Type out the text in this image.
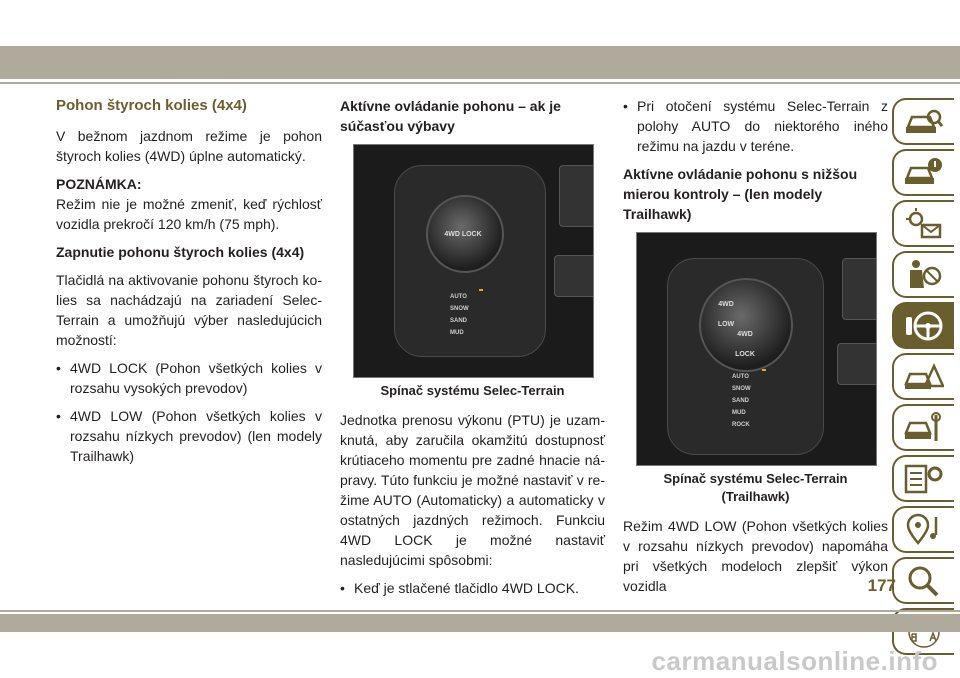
Pohon štyroch kolies (4x4)

V bežnom jazdnom režime je pohon štyroch kolies (4WD) úplne automatický.

POZNÁMKA:

Režim nie je možné zmeniť, keď rýchlosť vozidla prekročí 120 km/h (75 mph).

Zapnutie pohonu štyroch kolies (4x4)

Tlačidlá na aktivovanie pohonu štyroch kolies sa nachádzajú na zariadení Selec-Terrain a umožňujú výber nasledujúcich možností:

• 4WD LOCK (Pohon všetkých kolies v rozsahu vysokých prevodov)
• 4WD LOW (Pohon všetkých kolies v rozsahu nízkych prevodov) (len modely Trailhawk)
Aktívne ovládanie pohonu – ak je súčasťou výbavy
4WD LOCK
AUTO
SNOW
SAND
MUD
Spínač systému Selec-Terrain

Jednotka prenosu výkonu (PTU) je uzamknutá, aby zaručila okamžitú dostupnosť krútiaceho momentu pre zadné hnacie nápravy. Túto funkciu je možné nastaviť v režime AUTO (Automaticky) a automaticky v ostatných jazdných režimoch. Funkciu 4WD LOCK je možné nastaviť nasledujúcimi spôsobmi:

• Keď je stlačené tlačidlo 4WD LOCK.
• Pri otočení systému Selec-Terrain z polohy AUTO do niektorého iného režimu na jazdu v teréne.
Aktívne ovládanie pohonu s nižšou mierou kontroly – (len modely Trailhawk)
4WD LOW
4WD LOCK
AUTO
SNOW
SAND
MUD
ROCK
Spínač systému Selec-Terrain
(Trailhawk)

Režim 4WD LOW (Pohon všetkých kolies v rozsahu nízkych prevodov) napomáha pri všetkých modeloch zlepšiť výkon vozidla	177
carmanualsonline.info
